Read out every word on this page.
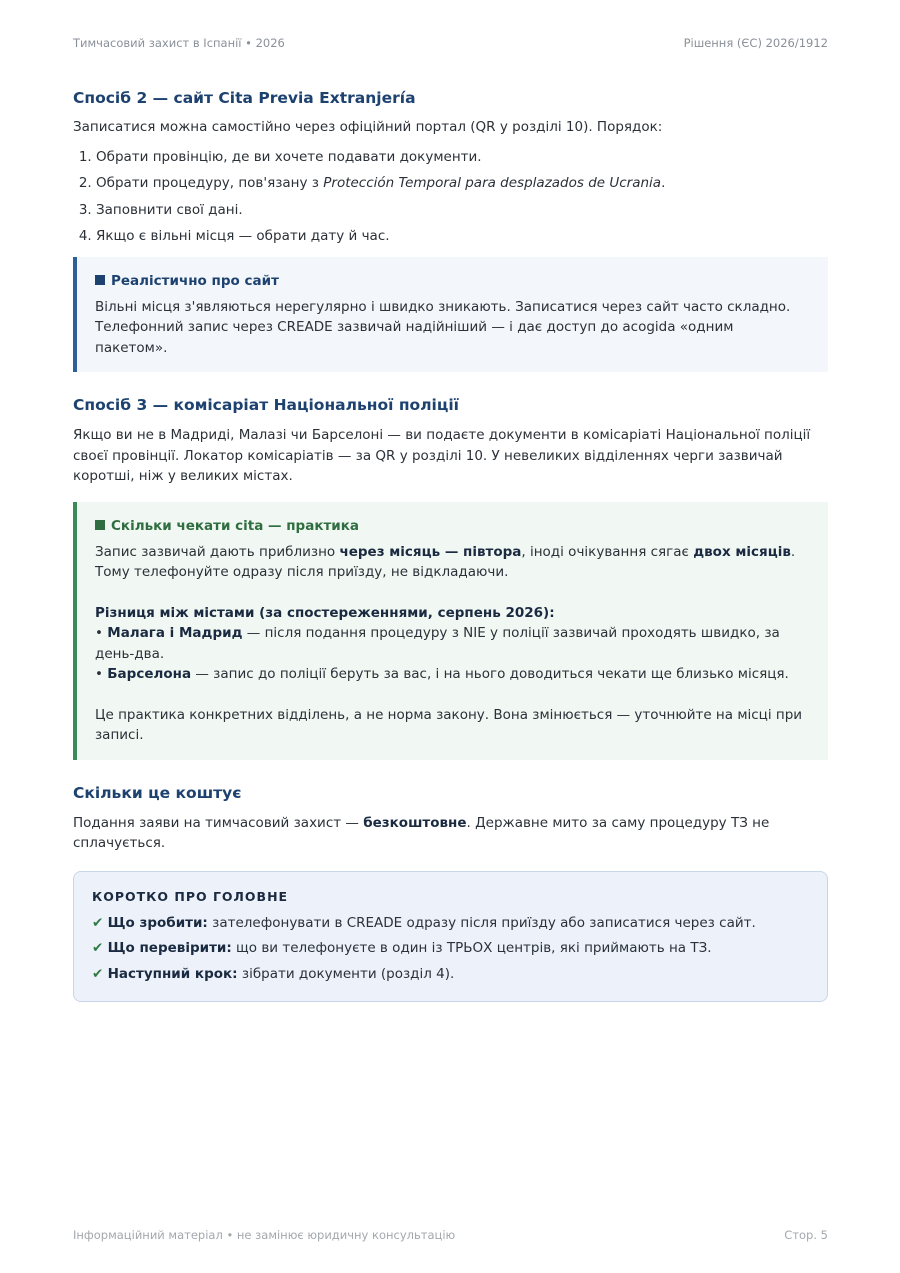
Тимчасовий захист в Іспанії • 2026	Рішення (ЄС) 2026/1912
Спосіб 2 — сайт Cita Previa Extranjería

Записатися можна самостійно через офіційний портал (QR у розділі 10). Порядок:

1. Обрати провінцію, де ви хочете подавати документи.
2. Обрати процедуру, пов'язану з Protección Temporal para desplazados de Ucrania.
3. Заповнити свої дані.
4. Якщо є вільні місця — обрати дату й час.
Реалістично про сайт

Вільні місця з'являються нерегулярно і швидко зникають. Записатися через сайт часто складно. Телефонний запис через CREADE зазвичай надійніший — і дає доступ до acogida «одним пакетом».

Спосіб 3 — комісаріат Національної поліції

Якщо ви не в Мадриді, Малазі чи Барселоні — ви подаєте документи в комісаріаті Національної поліції своєї провінції. Локатор комісаріатів — за QR у розділі 10. У невеликих відділеннях черги зазвичай коротші, ніж у великих містах.

Скільки чекати cita — практика

Запис зазвичай дають приблизно через місяць — півтора, іноді очікування сягає двох місяців. Тому телефонуйте одразу після приїзду, не відкладаючи.

Різниця між містами (за спостереженнями, серпень 2026):
• Малага і Мадрид — після подання процедуру з NIE у поліції зазвичай проходять швидко, за день-два.
• Барселона — запис до поліції беруть за вас, і на нього доводиться чекати ще близько місяця.

Це практика конкретних відділень, а не норма закону. Вона змінюється — уточнюйте на місці при записі.

Скільки це коштує

Подання заяви на тимчасовий захист — безкоштовне. Державне мито за саму процедуру ТЗ не сплачується.

КОРОТКО ПРО ГОЛОВНЕ
✔ Що зробити: зателефонувати в CREADE одразу після приїзду або записатися через сайт.
✔ Що перевірити: що ви телефонуєте в один із ТРЬОХ центрів, які приймають на ТЗ.
✔ Наступний крок: зібрати документи (розділ 4).
Інформаційний матеріал • не замінює юридичну консультацію	Стор. 5
